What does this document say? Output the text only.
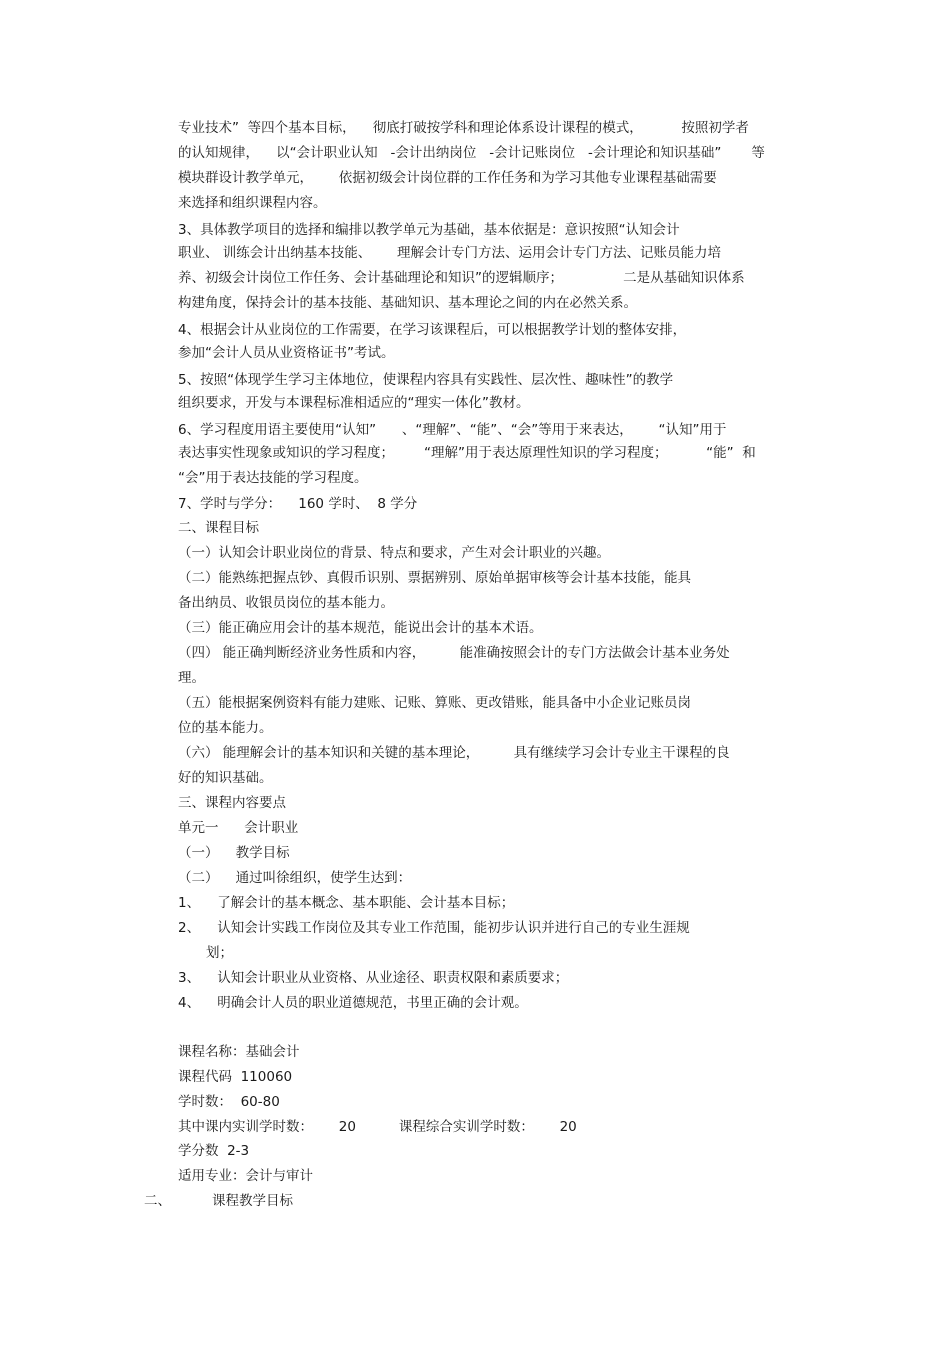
专业技术”  等四个基本目标，    彻底打破按学科和理论体系设计课程的模式，         按照初学者
的认知规律，    以“会计职业认知   -会计出纳岗位   -会计记账岗位   -会计理论和知识基础”       等
模块群设计教学单元，      依据初级会计岗位群的工作任务和为学习其他专业课程基础需要
来选择和组织课程内容。
3、具体教学项目的选择和编排以教学单元为基础，基本依据是：意识按照“认知会计
职业、 训练会计出纳基本技能、      理解会计专门方法、运用会计专门方法、记账员能力培
养、初级会计岗位工作任务、会计基础理论和知识”的逻辑顺序；              二是从基础知识体系
构建角度，保持会计的基本技能、基础知识、基本理论之间的内在必然关系。
4、根据会计从业岗位的工作需要，在学习该课程后，可以根据教学计划的整体安排，
参加“会计人员从业资格证书”考试。
5、按照“体现学生学习主体地位，使课程内容具有实践性、层次性、趣味性”的教学
组织要求，开发与本课程标准相适应的“理实一体化”教材。
6、学习程度用语主要使用“认知”      、“理解”、“能”、“会”等用于来表达，      “认知”用于
表达事实性现象或知识的学习程度；       “理解”用于表达原理性知识的学习程度；         “能”  和
“会”用于表达技能的学习程度。
7、学时与学分：    160 学时、  8 学分
二、课程目标
（一）认知会计职业岗位的背景、特点和要求，产生对会计职业的兴趣。
（二）能熟练把握点钞、真假币识别、票据辨别、原始单据审核等会计基本技能，能具
备出纳员、收银员岗位的基本能力。
（三）能正确应用会计的基本规范，能说出会计的基本术语。
（四） 能正确判断经济业务性质和内容，        能准确按照会计的专门方法做会计基本业务处
理。
（五）能根据案例资料有能力建账、记账、算账、更改错账，能具备中小企业记账员岗
位的基本能力。
（六） 能理解会计的基本知识和关键的基本理论，        具有继续学习会计专业主干课程的良
好的知识基础。
三、课程内容要点
单元一      会计职业
（一）    教学目标
（二）    通过叫徐组织，使学生达到：
1、    了解会计的基本概念、基本职能、会计基本目标；
2、    认知会计实践工作岗位及其专业工作范围，能初步认识并进行自己的专业生涯规
划；
3、    认知会计职业从业资格、从业途径、职责权限和素质要求；
4、    明确会计人员的职业道德规范，书里正确的会计观。
课程名称：基础会计
课程代码  110060
学时数：  60-80
其中课内实训学时数：      20          课程综合实训学时数：      20
学分数  2-3
适用专业：会计与审计
二、	课程教学目标
